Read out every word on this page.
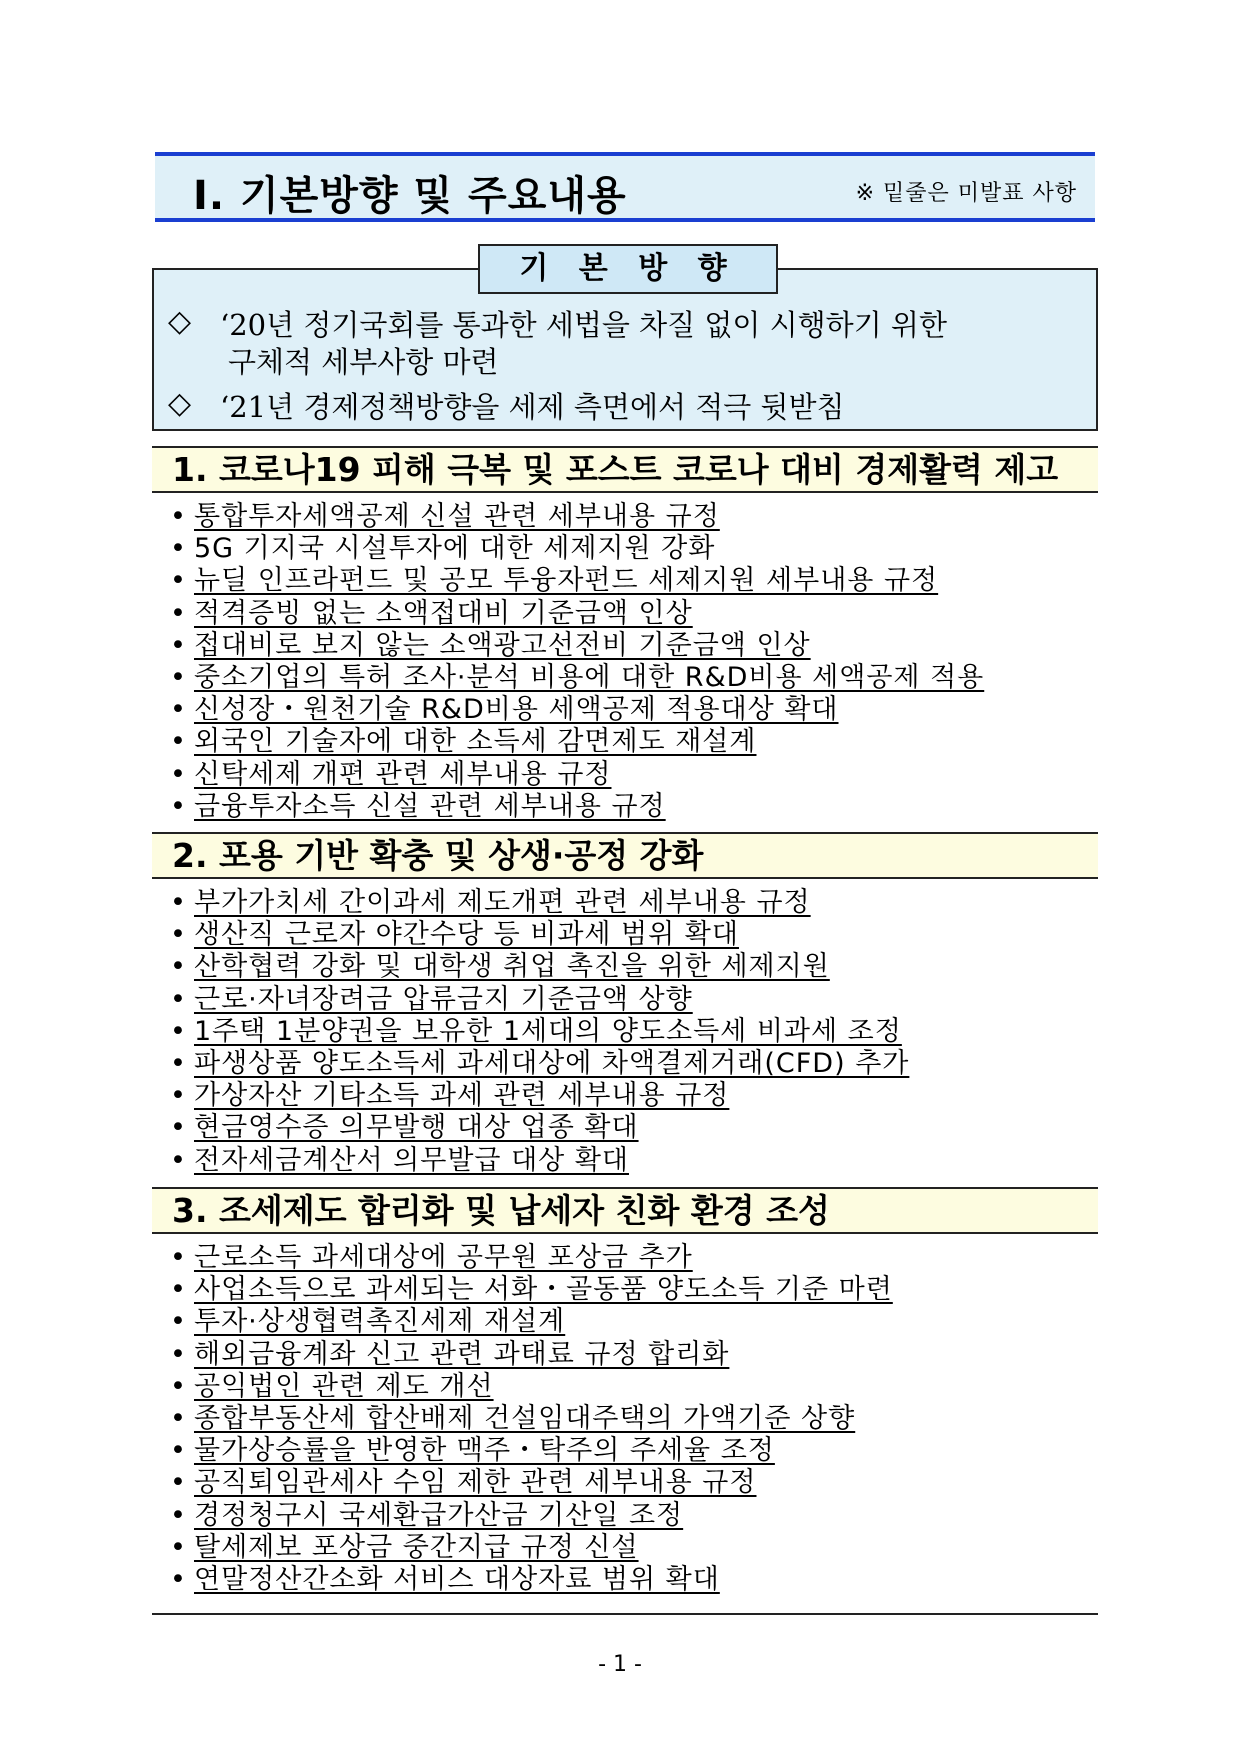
Ⅰ. 기본방향 및 주요내용	※ 밑줄은 미발표 사항
기 본 방 향
◇ ‘20년 정기국회를 통과한 세법을 차질 없이 시행하기 위한
구체적 세부사항 마련
◇ ‘21년 경제정책방향을 세제 측면에서 적극 뒷받침
1. 코로나19 피해 극복 및 포스트 코로나 대비 경제활력 제고
• 통합투자세액공제 신설 관련 세부내용 규정
• 5G 기지국 시설투자에 대한 세제지원 강화
• 뉴딜 인프라펀드 및 공모 투융자펀드 세제지원 세부내용 규정
• 적격증빙 없는 소액접대비 기준금액 인상
• 접대비로 보지 않는 소액광고선전비 기준금액 인상
• 중소기업의 특허 조사·분석 비용에 대한 R&D비용 세액공제 적용
• 신성장・원천기술 R&D비용 세액공제 적용대상 확대
• 외국인 기술자에 대한 소득세 감면제도 재설계
• 신탁세제 개편 관련 세부내용 규정
• 금융투자소득 신설 관련 세부내용 규정
2. 포용 기반 확충 및 상생·공정 강화
• 부가가치세 간이과세 제도개편 관련 세부내용 규정
• 생산직 근로자 야간수당 등 비과세 범위 확대
• 산학협력 강화 및 대학생 취업 촉진을 위한 세제지원
• 근로·자녀장려금 압류금지 기준금액 상향
• 1주택 1분양권을 보유한 1세대의 양도소득세 비과세 조정
• 파생상품 양도소득세 과세대상에 차액결제거래(CFD) 추가
• 가상자산 기타소득 과세 관련 세부내용 규정
• 현금영수증 의무발행 대상 업종 확대
• 전자세금계산서 의무발급 대상 확대
3. 조세제도 합리화 및 납세자 친화 환경 조성
• 근로소득 과세대상에 공무원 포상금 추가
• 사업소득으로 과세되는 서화・골동품 양도소득 기준 마련
• 투자·상생협력촉진세제 재설계
• 해외금융계좌 신고 관련 과태료 규정 합리화
• 공익법인 관련 제도 개선
• 종합부동산세 합산배제 건설임대주택의 가액기준 상향
• 물가상승률을 반영한 맥주・탁주의 주세율 조정
• 공직퇴임관세사 수임 제한 관련 세부내용 규정
• 경정청구시 국세환급가산금 기산일 조정
• 탈세제보 포상금 중간지급 규정 신설
• 연말정산간소화 서비스 대상자료 범위 확대
- 1 -
